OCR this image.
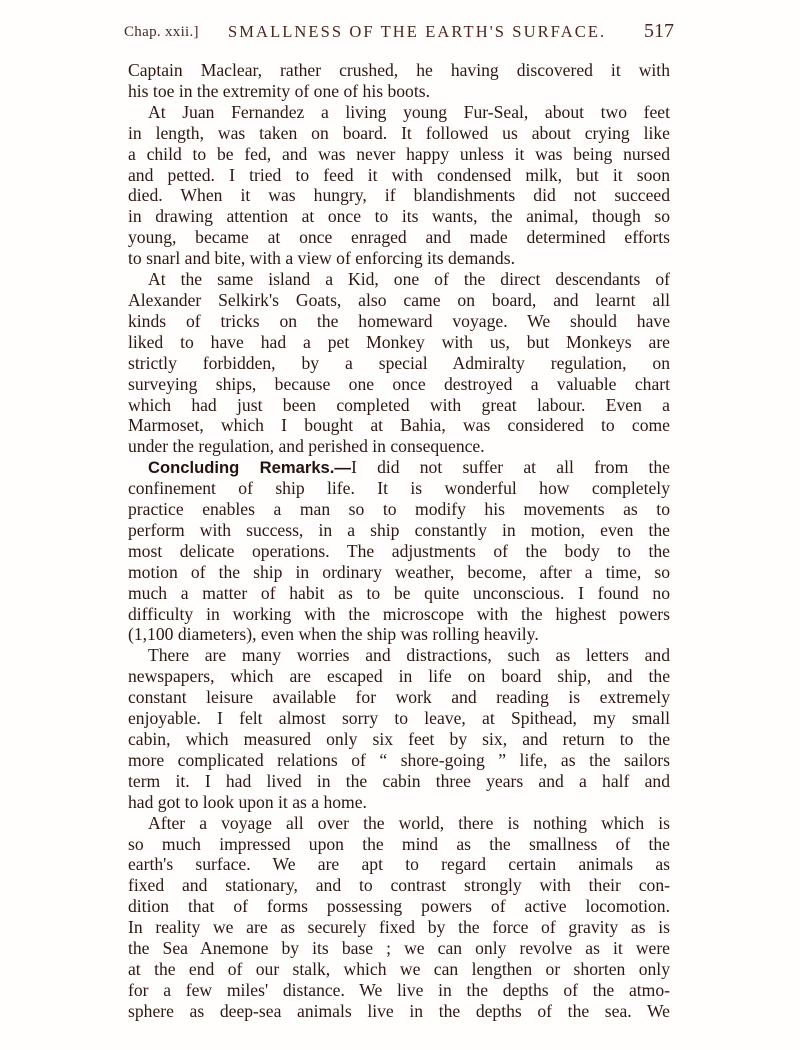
Chap. xxii.] SMALLNESS OF THE EARTH'S SURFACE. 517
Captain Maclear, rather crushed, he having discovered it with
his toe in the extremity of one of his boots.
At Juan Fernandez a living young Fur-Seal, about two feet
in length, was taken on board. It followed us about crying like
a child to be fed, and was never happy unless it was being nursed
and petted. I tried to feed it with condensed milk, but it soon
died. When it was hungry, if blandishments did not succeed
in drawing attention at once to its wants, the animal, though so
young, became at once enraged and made determined efforts
to snarl and bite, with a view of enforcing its demands.
At the same island a Kid, one of the direct descendants of
Alexander Selkirk's Goats, also came on board, and learnt all
kinds of tricks on the homeward voyage. We should have
liked to have had a pet Monkey with us, but Monkeys are
strictly forbidden, by a special Admiralty regulation, on
surveying ships, because one once destroyed a valuable chart
which had just been completed with great labour. Even a
Marmoset, which I bought at Bahia, was considered to come
under the regulation, and perished in consequence.
Concluding Remarks.—I did not suffer at all from the
confinement of ship life. It is wonderful how completely
practice enables a man so to modify his movements as to
perform with success, in a ship constantly in motion, even the
most delicate operations. The adjustments of the body to the
motion of the ship in ordinary weather, become, after a time, so
much a matter of habit as to be quite unconscious. I found no
difficulty in working with the microscope with the highest powers
(1,100 diameters), even when the ship was rolling heavily.
There are many worries and distractions, such as letters and
newspapers, which are escaped in life on board ship, and the
constant leisure available for work and reading is extremely
enjoyable. I felt almost sorry to leave, at Spithead, my small
cabin, which measured only six feet by six, and return to the
more complicated relations of “ shore-going ” life, as the sailors
term it. I had lived in the cabin three years and a half and
had got to look upon it as a home.
After a voyage all over the world, there is nothing which is
so much impressed upon the mind as the smallness of the
earth's surface. We are apt to regard certain animals as
fixed and stationary, and to contrast strongly with their con-
dition that of forms possessing powers of active locomotion.
In reality we are as securely fixed by the force of gravity as is
the Sea Anemone by its base ; we can only revolve as it were
at the end of our stalk, which we can lengthen or shorten only
for a few miles' distance. We live in the depths of the atmo-
sphere as deep-sea animals live in the depths of the sea. We
